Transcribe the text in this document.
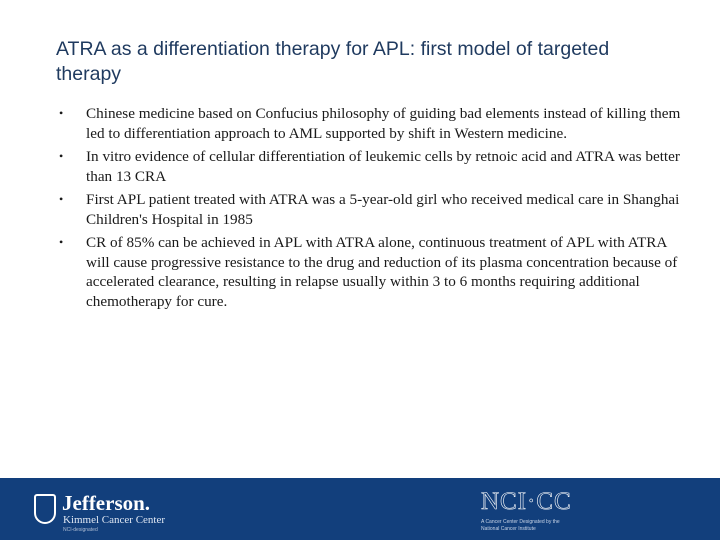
ATRA as a differentiation therapy for APL: first model of targeted therapy
• Chinese medicine based on Confucius philosophy of guiding bad elements instead of killing them led to differentiation approach to AML supported by shift in Western medicine.
• In vitro evidence of cellular differentiation of leukemic cells by retnoic acid and ATRA was better than 13 CRA
• First APL patient treated with ATRA was a 5-year-old girl who received medical care in Shanghai Children's Hospital in 1985
• CR of 85% can be achieved in APL with ATRA alone, continuous treatment of APL with ATRA will cause progressive resistance to the drug and reduction of its plasma concentration because of accelerated clearance, resulting in relapse usually within 3 to 6 months requiring additional chemotherapy for cure.
Jefferson.
Kimmel Cancer Center
NCI-designated
NCI·CC
A Cancer Center Designated by the
National Cancer Institute
